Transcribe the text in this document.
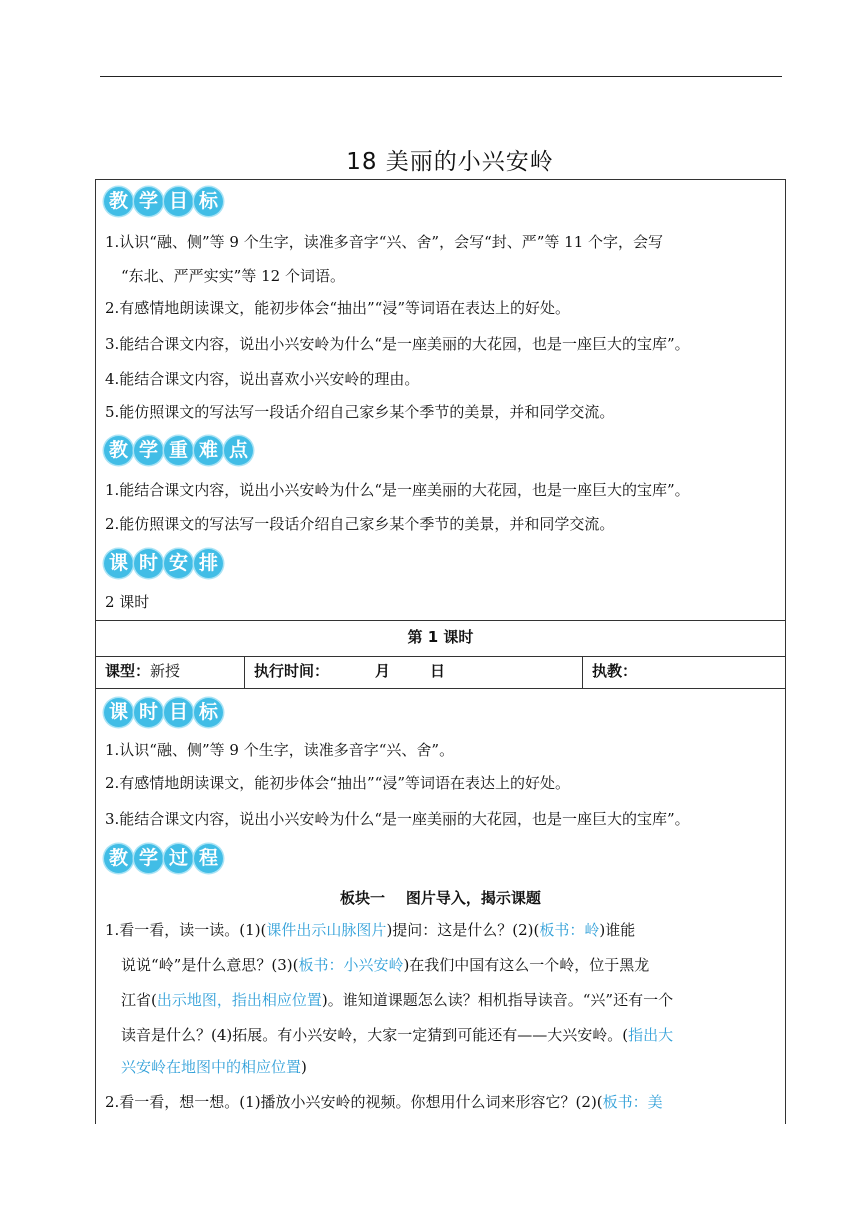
18 美丽的小兴安岭
教 学 目 标
1.认识“融、侧”等 9 个生字，读准多音字“兴、舍”，会写“封、严”等 11 个字，会写
“东北、严严实实”等 12 个词语。
2.有感情地朗读课文，能初步体会“抽出”“浸”等词语在表达上的好处。
3.能结合课文内容，说出小兴安岭为什么“是一座美丽的大花园，也是一座巨大的宝库”。
4.能结合课文内容，说出喜欢小兴安岭的理由。
5.能仿照课文的写法写一段话介绍自己家乡某个季节的美景，并和同学交流。
教 学 重 难 点
1.能结合课文内容，说出小兴安岭为什么“是一座美丽的大花园，也是一座巨大的宝库”。
2.能仿照课文的写法写一段话介绍自己家乡某个季节的美景，并和同学交流。
课 时 安 排
2 课时
第 1 课时
课型：新授	执行时间：	月	日	执教：
课 时 目 标
1.认识“融、侧”等 9 个生字，读准多音字“兴、舍”。
2.有感情地朗读课文，能初步体会“抽出”“浸”等词语在表达上的好处。
3.能结合课文内容，说出小兴安岭为什么“是一座美丽的大花园，也是一座巨大的宝库”。
教 学 过 程
板块一    图片导入，揭示课题
1.看一看，读一读。(1)(课件出示山脉图片)提问：这是什么？(2)(板书：岭)谁能
说说“岭”是什么意思？(3)(板书：小兴安岭)在我们中国有这么一个岭，位于黑龙
江省(出示地图，指出相应位置)。谁知道课题怎么读？相机指导读音。“兴”还有一个
读音是什么？(4)拓展。有小兴安岭，大家一定猜到可能还有——大兴安岭。(指出大
兴安岭在地图中的相应位置)
2.看一看，想一想。(1)播放小兴安岭的视频。你想用什么词来形容它？(2)(板书：美
